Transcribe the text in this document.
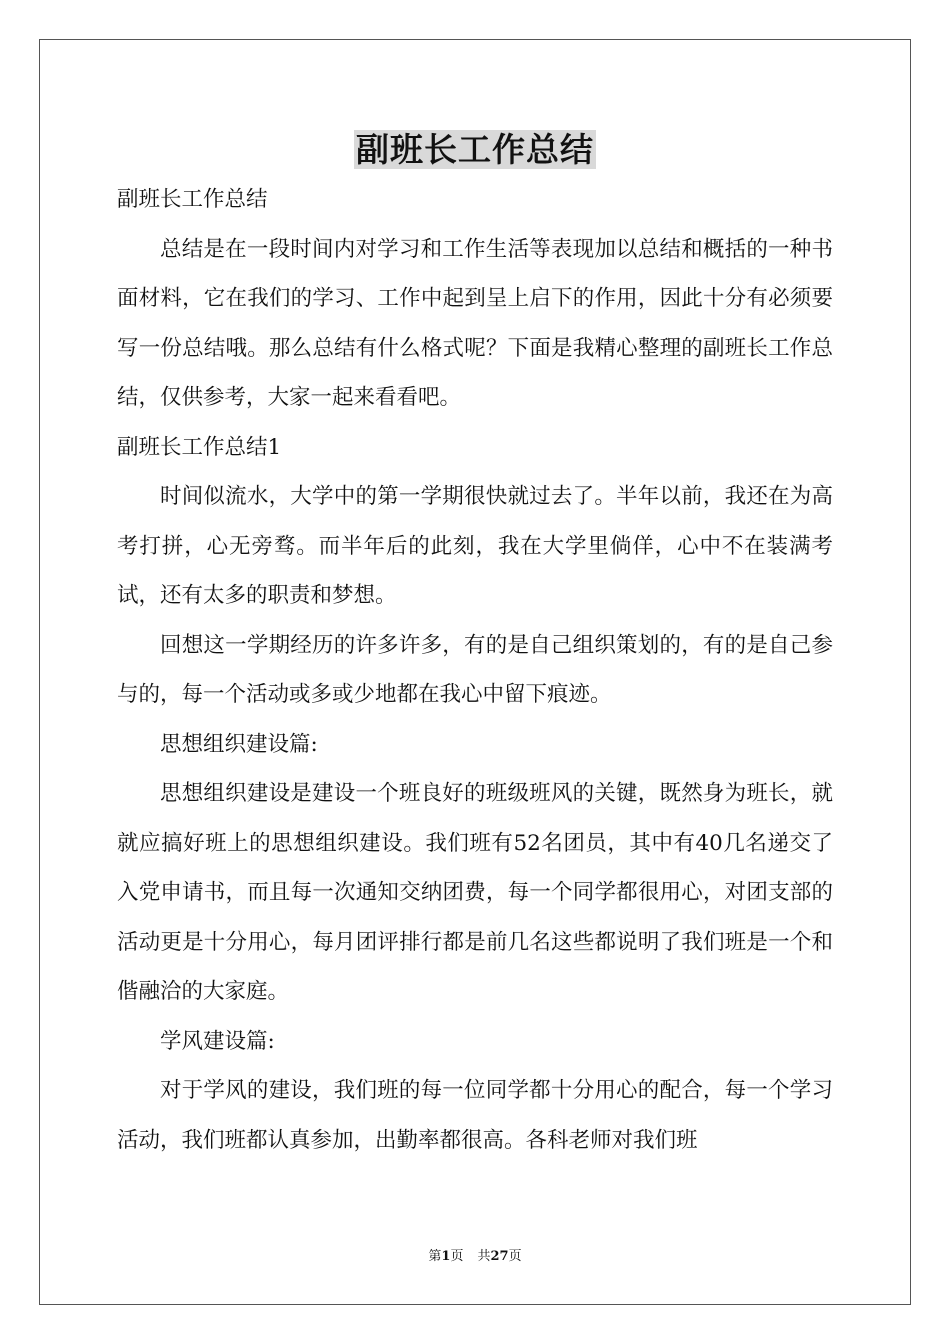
副班长工作总结

副班长工作总结

总结是在一段时间内对学习和工作生活等表现加以总结和概括的一种书面材料，它在我们的学习、工作中起到呈上启下的作用，因此十分有必须要写一份总结哦。那么总结有什么格式呢？下面是我精心整理的副班长工作总结，仅供参考，大家一起来看看吧。

副班长工作总结1

时间似流水，大学中的第一学期很快就过去了。半年以前，我还在为高考打拼，心无旁骛。而半年后的此刻，我在大学里倘佯，心中不在装满考试，还有太多的职责和梦想。

回想这一学期经历的许多许多，有的是自己组织策划的，有的是自己参与的，每一个活动或多或少地都在我心中留下痕迹。

思想组织建设篇:

思想组织建设是建设一个班良好的班级班风的关键，既然身为班长，就就应搞好班上的思想组织建设。我们班有52名团员，其中有40几名递交了入党申请书，而且每一次通知交纳团费，每一个同学都很用心，对团支部的活动更是十分用心，每月团评排行都是前几名这些都说明了我们班是一个和偕融洽的大家庭。

学风建设篇:

对于学风的建设，我们班的每一位同学都十分用心的配合，每一个学习活动，我们班都认真参加，出勤率都很高。各科老师对我们班

第1页 共27页
